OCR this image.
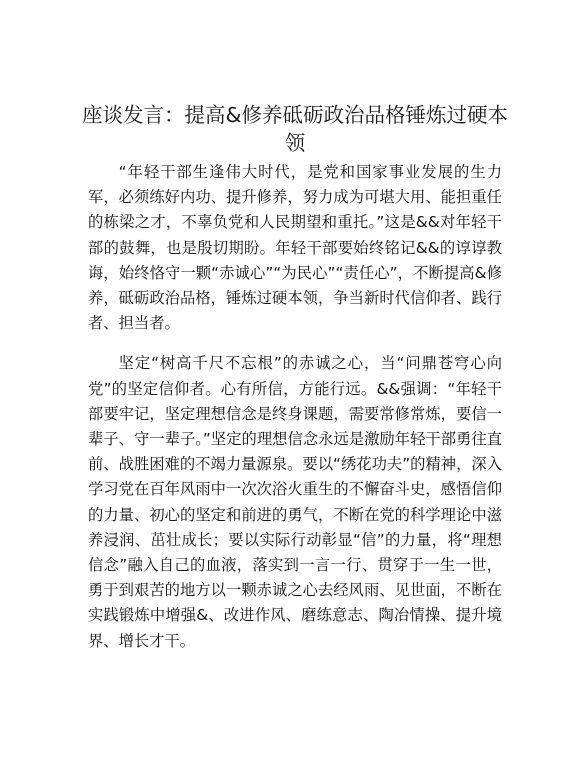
座谈发言：提高&修养砥砺政治品格锤炼过硬本领

“年轻干部生逢伟大时代，是党和国家事业发展的生力军，必须练好内功、提升修养，努力成为可堪大用、能担重任的栋梁之才，不辜负党和人民期望和重托。”这是&&对年轻干部的鼓舞，也是殷切期盼。年轻干部要始终铭记&&的谆谆教诲，始终恪守一颗“赤诚心”“为民心”“责任心”，不断提高&修养，砥砺政治品格，锤炼过硬本领，争当新时代信仰者、践行者、担当者。

坚定“树高千尺不忘根”的赤诚之心，当“问鼎苍穹心向党”的坚定信仰者。心有所信，方能行远。&&强调：“年轻干部要牢记，坚定理想信念是终身课题，需要常修常炼，要信一辈子、守一辈子。”坚定的理想信念永远是激励年轻干部勇往直前、战胜困难的不竭力量源泉。要以“绣花功夫”的精神，深入学习党在百年风雨中一次次浴火重生的不懈奋斗史，感悟信仰的力量、初心的坚定和前进的勇气，不断在党的科学理论中滋养浸润、茁壮成长；要以实际行动彰显“信”的力量，将“理想信念”融入自己的血液，落实到一言一行、贯穿于一生一世，勇于到艰苦的地方以一颗赤诚之心去经风雨、见世面，不断在实践锻炼中增强&、改进作风、磨练意志、陶冶情操、提升境界、增长才干。
